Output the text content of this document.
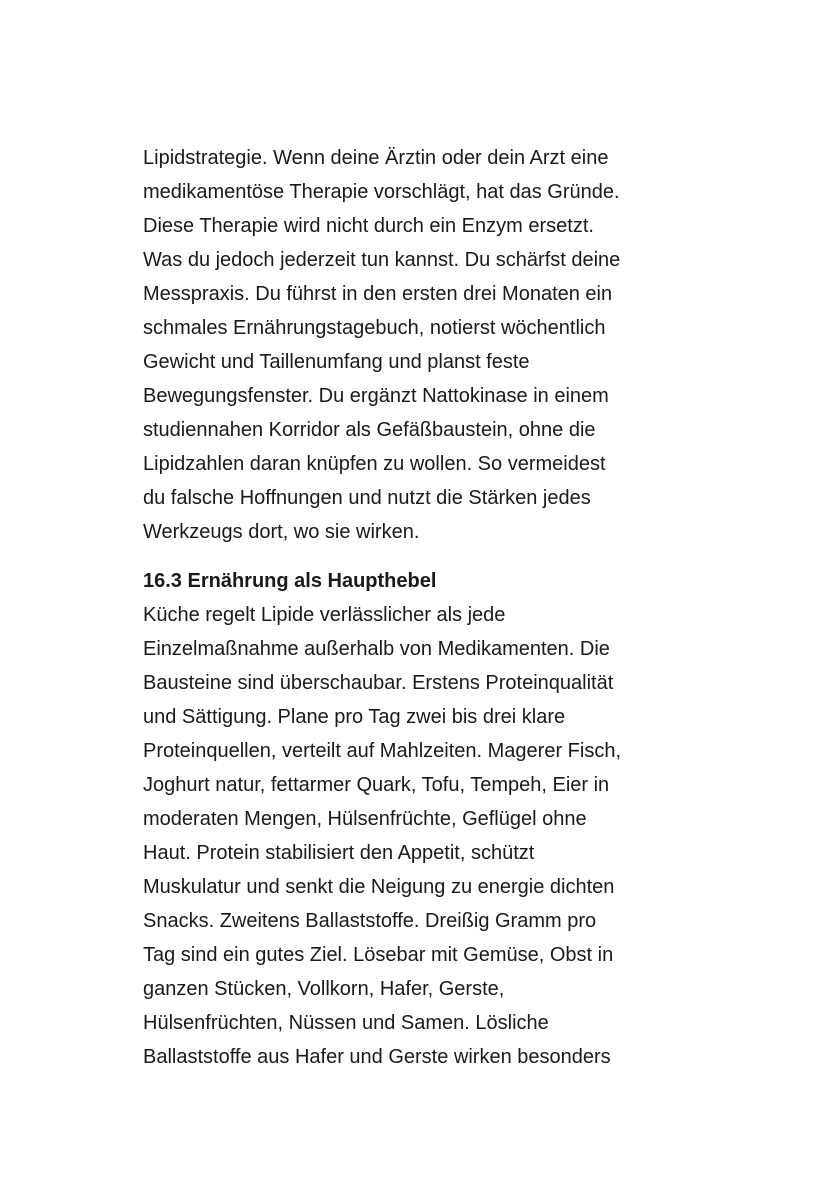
Lipidstrategie. Wenn deine Ärztin oder dein Arzt eine
medikamentöse Therapie vorschlägt, hat das Gründe.
Diese Therapie wird nicht durch ein Enzym ersetzt.
Was du jedoch jederzeit tun kannst. Du schärfst deine
Messpraxis. Du führst in den ersten drei Monaten ein
schmales Ernährungstagebuch, notierst wöchentlich
Gewicht und Taillenumfang und planst feste
Bewegungsfenster. Du ergänzt Nattokinase in einem
studiennahen Korridor als Gefäßbaustein, ohne die
Lipidzahlen daran knüpfen zu wollen. So vermeidest
du falsche Hoffnungen und nutzt die Stärken jedes
Werkzeugs dort, wo sie wirken.
16.3 Ernährung als Haupthebel
Küche regelt Lipide verlässlicher als jede
Einzelmaßnahme außerhalb von Medikamenten. Die
Bausteine sind überschaubar. Erstens Proteinqualität
und Sättigung. Plane pro Tag zwei bis drei klare
Proteinquellen, verteilt auf Mahlzeiten. Magerer Fisch,
Joghurt natur, fettarmer Quark, Tofu, Tempeh, Eier in
moderaten Mengen, Hülsenfrüchte, Geflügel ohne
Haut. Protein stabilisiert den Appetit, schützt
Muskulatur und senkt die Neigung zu energie dichten
Snacks. Zweitens Ballaststoffe. Dreißig Gramm pro
Tag sind ein gutes Ziel. Lösebar mit Gemüse, Obst in
ganzen Stücken, Vollkorn, Hafer, Gerste,
Hülsenfrüchten, Nüssen und Samen. Lösliche
Ballaststoffe aus Hafer und Gerste wirken besonders
